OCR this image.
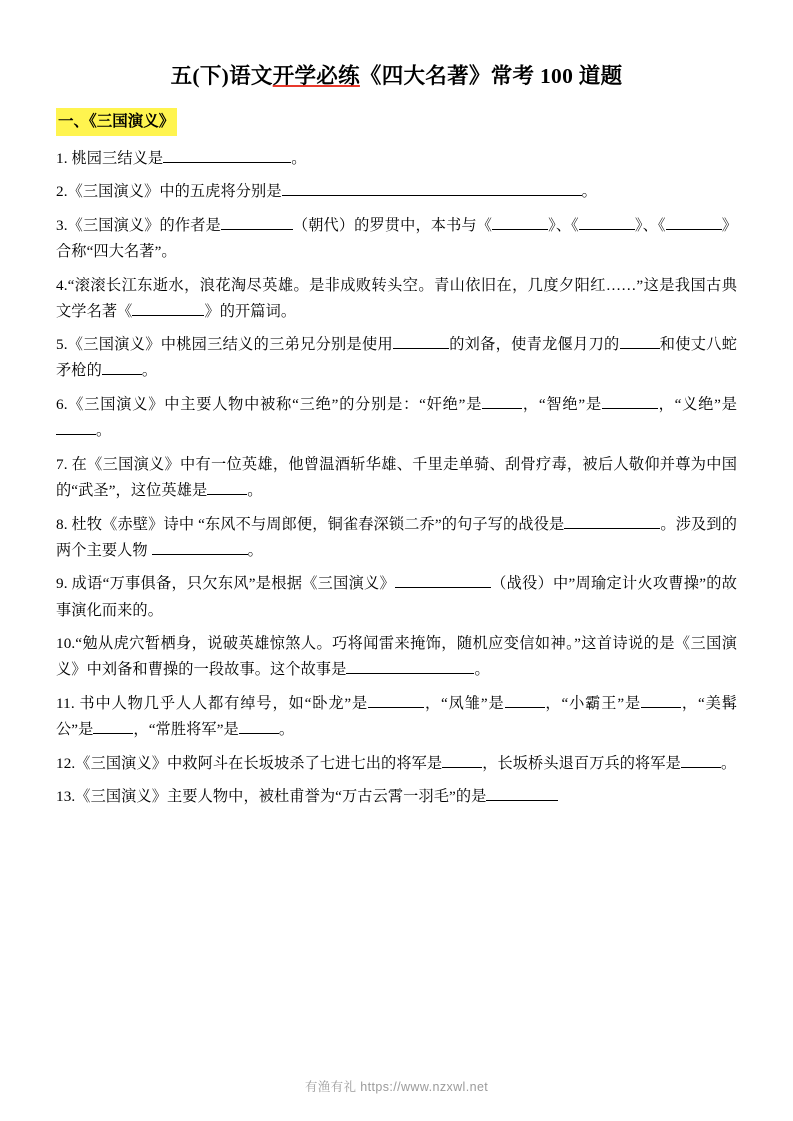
五(下)语文开学必练《四大名著》常考 100 道题
一、《三国演义》

1. 桃园三结义是	。

2.《三国演义》中的五虎将分别是	。

3.《三国演义》的作者是	（朝代）的罗贯中，本书与《	》、《	》、《	》合称“四大名著”。

4.“滚滚长江东逝水，浪花淘尽英雄。是非成败转头空。青山依旧在，几度夕阳红……”这是我国古典文学名著《	》的开篇词。

5.《三国演义》中桃园三结义的三弟兄分别是使用	的刘备，使青龙偃月刀的	和使丈八蛇矛枪的	。

6.《三国演义》中主要人物中被称“三绝”的分别是：“奸绝”是	，“智绝”是	，“义绝”是。

7. 在《三国演义》中有一位英雄，他曾温酒斩华雄、千里走单骑、刮骨疗毒，被后人敬仰并尊为中国的“武圣”，这位英雄是	。

8. 杜牧《赤壁》诗中 “东风不与周郎便，铜雀春深锁二乔”的句子写的战役是	。涉及到的两个主要人物	。

9. 成语“万事俱备，只欠东风”是根据《三国演义》	（战役）中”周瑜定计火攻曹操”的故事演化而来的。

10.“勉从虎穴暂栖身，说破英雄惊煞人。巧将闻雷来掩饰，随机应变信如神。”这首诗说的是《三国演义》中刘备和曹操的一段故事。这个故事是	。

11. 书中人物几乎人人都有绰号，如“卧龙”是	，“凤雏”是	，“小霸王”是	，“美髯公”是	，“常胜将军”是	。

12.《三国演义》中救阿斗在长坂坡杀了七进七出的将军是	，长坂桥头退百万兵的将军是	。

13.《三国演义》主要人物中，被杜甫誉为“万古云霄一羽毛”的是

有渔有礼 https://www.nzxwl.net
